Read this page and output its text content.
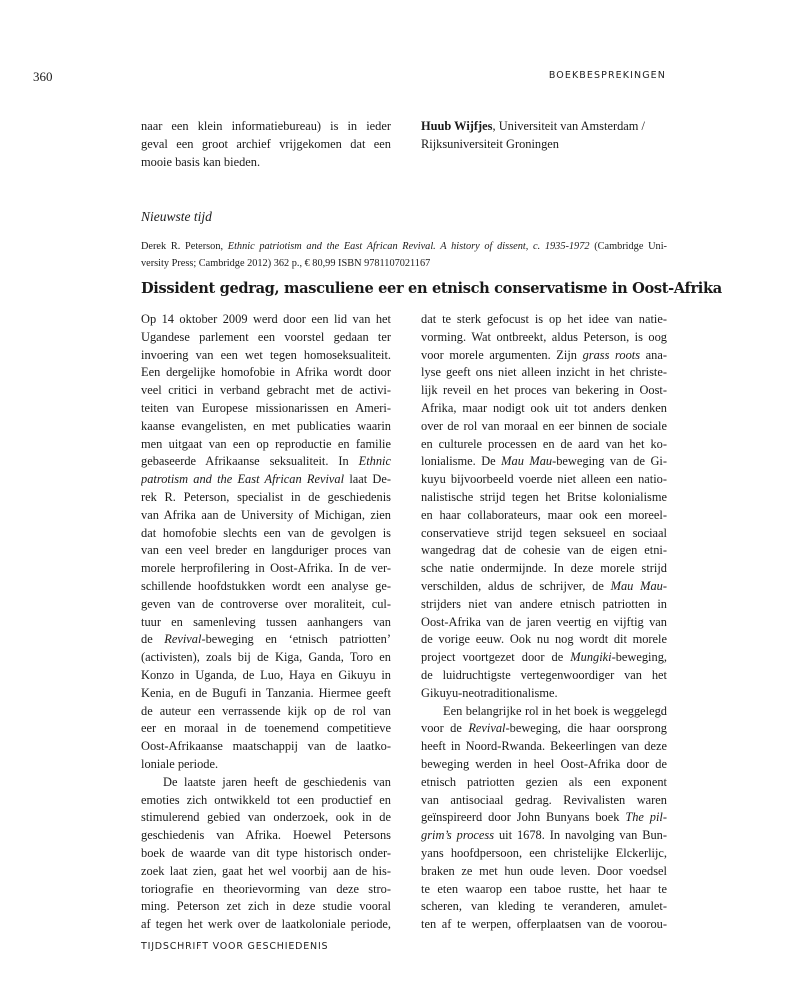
360	BOEKBESPREKINGEN
naar een klein informatiebureau) is in ieder
geval een groot archief vrijgekomen dat een
mooie basis kan bieden.
Huub Wijfjes, Universiteit van Amsterdam /
Rijksuniversiteit Groningen
Nieuwste tijd
Derek R. Peterson, Ethnic patriotism and the East African Revival. A history of dissent, c. 1935-1972 (Cambridge Uni-
versity Press; Cambridge 2012) 362 p., € 80,99 ISBN 9781107021167
Dissident gedrag, masculiene eer en etnisch conservatisme in Oost-Afrika
Op 14 oktober 2009 werd door een lid van het
Ugandese parlement een voorstel gedaan ter
invoering van een wet tegen homoseksualiteit.
Een dergelijke homofobie in Afrika wordt door
veel critici in verband gebracht met de activi-
teiten van Europese missionarissen en Ameri-
kaanse evangelisten, en met publicaties waarin
men uitgaat van een op reproductie en familie
gebaseerde Afrikaanse seksualiteit. In Ethnic
patrotism and the East African Revival laat De-
rek R. Peterson, specialist in de geschiedenis
van Afrika aan de University of Michigan, zien
dat homofobie slechts een van de gevolgen is
van een veel breder en langduriger proces van
morele herprofilering in Oost-Afrika. In de ver-
schillende hoofdstukken wordt een analyse ge-
geven van de controverse over moraliteit, cul-
tuur en samenleving tussen aanhangers van
de Revival-beweging en ‘etnisch patriotten’
(activisten), zoals bij de Kiga, Ganda, Toro en
Konzo in Uganda, de Luo, Haya en Gikuyu in
Kenia, en de Bugufi in Tanzania. Hiermee geeft
de auteur een verrassende kijk op de rol van
eer en moraal in de toenemend competitieve
Oost-Afrikaanse maatschappij van de laatko-
loniale periode.
De laatste jaren heeft de geschiedenis van
emoties zich ontwikkeld tot een productief en
stimulerend gebied van onderzoek, ook in de
geschiedenis van Afrika. Hoewel Petersons
boek de waarde van dit type historisch onder-
zoek laat zien, gaat het wel voorbij aan de his-
toriografie en theorievorming van deze stro-
ming. Peterson zet zich in deze studie vooral
af tegen het werk over de laatkoloniale periode,
dat te sterk gefocust is op het idee van natie-
vorming. Wat ontbreekt, aldus Peterson, is oog
voor morele argumenten. Zijn grass roots ana-
lyse geeft ons niet alleen inzicht in het christe-
lijk reveil en het proces van bekering in Oost-
Afrika, maar nodigt ook uit tot anders denken
over de rol van moraal en eer binnen de sociale
en culturele processen en de aard van het ko-
lonialisme. De Mau Mau-beweging van de Gi-
kuyu bijvoorbeeld voerde niet alleen een natio-
nalistische strijd tegen het Britse kolonialisme
en haar collaborateurs, maar ook een moreel-
conservatieve strijd tegen seksueel en sociaal
wangedrag dat de cohesie van de eigen etni-
sche natie ondermijnde. In deze morele strijd
verschilden, aldus de schrijver, de Mau Mau-
strijders niet van andere etnisch patriotten in
Oost-Afrika van de jaren veertig en vijftig van
de vorige eeuw. Ook nu nog wordt dit morele
project voortgezet door de Mungiki-beweging,
de luidruchtigste vertegenwoordiger van het
Gikuyu-neotraditionalisme.
Een belangrijke rol in het boek is weggelegd
voor de Revival-beweging, die haar oorsprong
heeft in Noord-Rwanda. Bekeerlingen van deze
beweging werden in heel Oost-Afrika door de
etnisch patriotten gezien als een exponent
van antisociaal gedrag. Revivalisten waren
geïnspireerd door John Bunyans boek The pil-
grim’s process uit 1678. In navolging van Bun-
yans hoofdpersoon, een christelijke Elckerlijc,
braken ze met hun oude leven. Door voedsel
te eten waarop een taboe rustte, het haar te
scheren, van kleding te veranderen, amulet-
ten af te werpen, offerplaatsen van de voorou-
TIJDSCHRIFT VOOR GESCHIEDENIS
